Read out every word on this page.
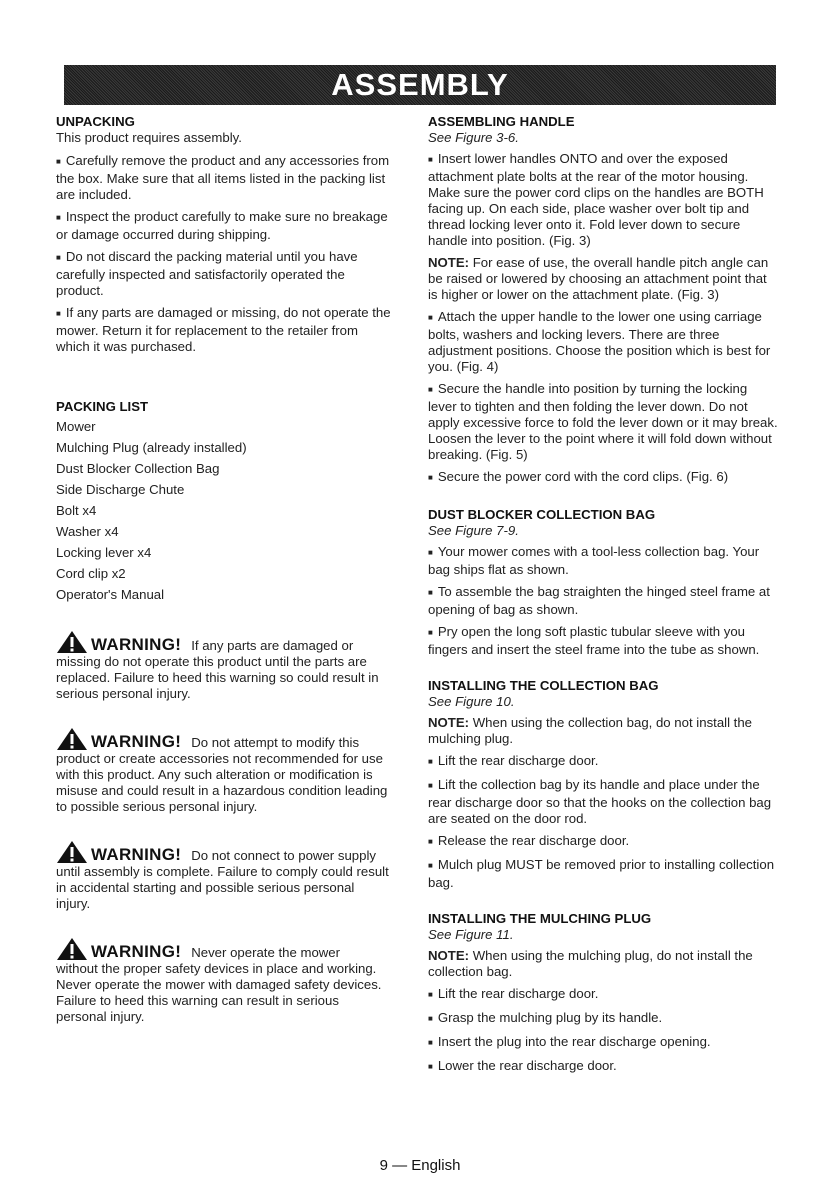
ASSEMBLY
UNPACKING

This product requires assembly.

■ Carefully remove the product and any accessories from the box. Make sure that all items listed in the packing list are included.

■ Inspect the product carefully to make sure no breakage or damage occurred during shipping.

■ Do not discard the packing material until you have carefully inspected and satisfactorily operated the product.

■ If any parts are damaged or missing, do not operate the mower. Return it for replacement to the retailer from which it was purchased.

PACKING LIST
Mower
Mulching Plug (already installed)
Dust Blocker Collection Bag
Side Discharge Chute
Bolt x4
Washer x4
Locking lever x4
Cord clip x2
Operator's Manual
WARNING! If any parts are damaged or

missing do not operate this product until the parts are replaced. Failure to heed this warning so could result in serious personal injury.

WARNING! Do not attempt to modify this

product or create accessories not recommended for use with this product. Any such alteration or modification is misuse and could result in a hazardous condition leading to possible serious personal injury.

WARNING! Do not connect to power supply

until assembly is complete. Failure to comply could result in accidental starting and possible serious personal injury.

WARNING! Never operate the mower

without the proper safety devices in place and working. Never operate the mower with damaged safety devices. Failure to heed this warning can result in serious personal injury.

ASSEMBLING HANDLE

See Figure 3-6.

■ Insert lower handles ONTO and over the exposed attachment plate bolts at the rear of the motor housing. Make sure the power cord clips on the handles are BOTH facing up. On each side, place washer over bolt tip and thread locking lever onto it. Fold lever down to secure handle into position. (Fig. 3)

NOTE: For ease of use, the overall handle pitch angle can be raised or lowered by choosing an attachment point that is higher or lower on the attachment plate. (Fig. 3)

■ Attach the upper handle to the lower one using carriage bolts, washers and locking levers. There are three adjustment positions. Choose the position which is best for you. (Fig. 4)

■ Secure the handle into position by turning the locking lever to tighten and then folding the lever down. Do not apply excessive force to fold the lever down or it may break. Loosen the lever to the point where it will fold down without breaking. (Fig. 5)

■ Secure the power cord with the cord clips. (Fig. 6)

DUST BLOCKER COLLECTION BAG

See Figure 7-9.

■ Your mower comes with a tool-less collection bag. Your bag ships flat as shown.

■ To assemble the bag straighten the hinged steel frame at opening of bag as shown.

■ Pry open the long soft plastic tubular sleeve with you fingers and insert the steel frame into the tube as shown.

INSTALLING THE COLLECTION BAG

See Figure 10.

NOTE: When using the collection bag, do not install the mulching plug.

■ Lift the rear discharge door.

■ Lift the collection bag by its handle and place under the rear discharge door so that the hooks on the collection bag are seated on the door rod.

■ Release the rear discharge door.

■ Mulch plug MUST be removed prior to installing collection bag.

INSTALLING THE MULCHING PLUG

See Figure 11.

NOTE: When using the mulching plug, do not install the collection bag.

■ Lift the rear discharge door.

■ Grasp the mulching plug by its handle.

■ Insert the plug into the rear discharge opening.

■ Lower the rear discharge door.

9 — English
